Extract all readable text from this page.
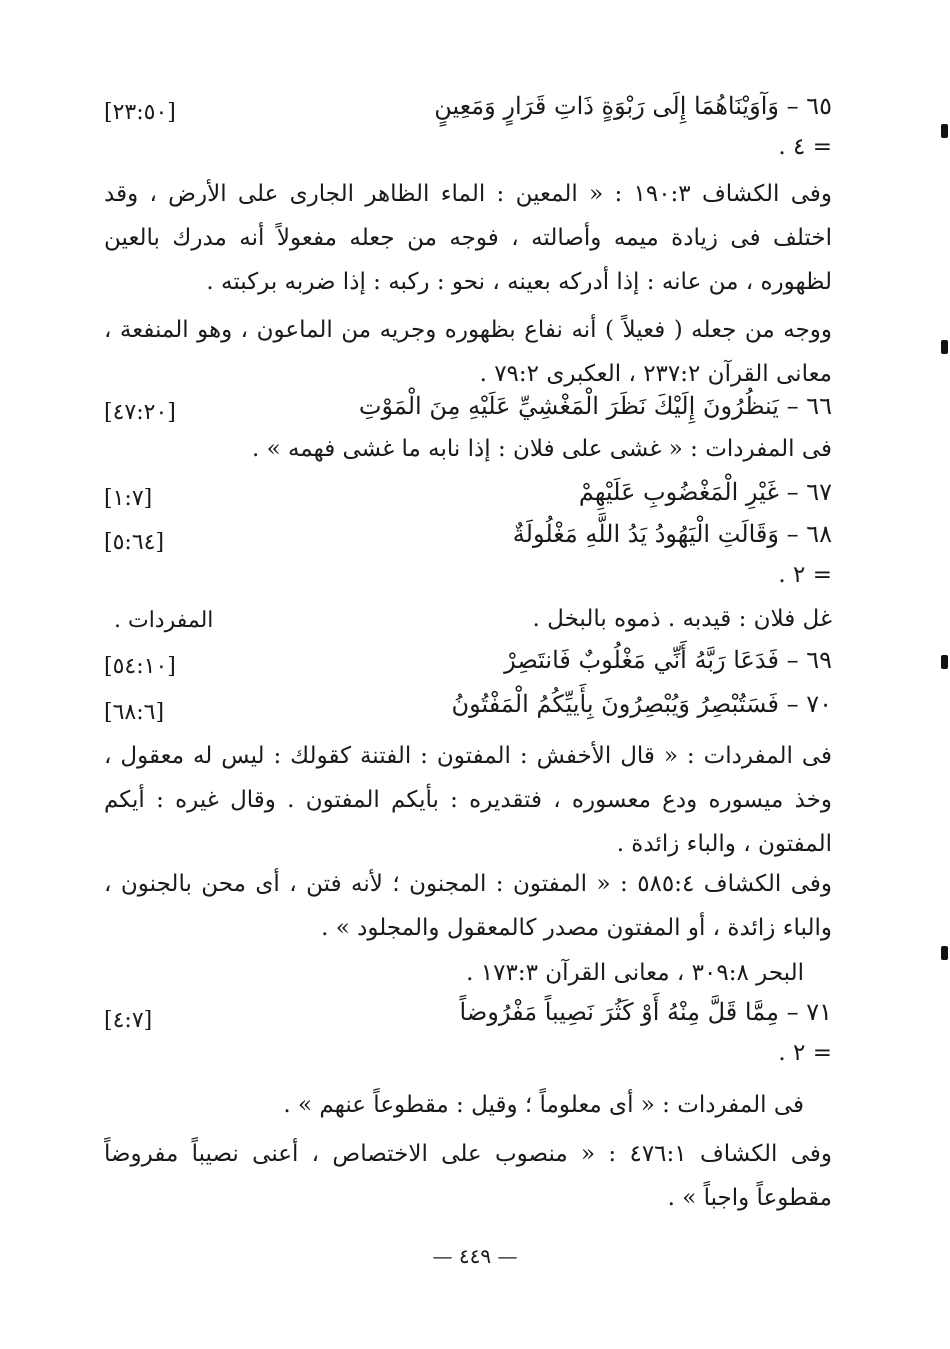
٦٥ – وَآوَيْنَاهُمَا إِلَى رَبْوَةٍ ذَاتِ قَرَارٍ وَمَعِينٍ
[٢٣:٥٠]
= ٤ .
وفى الكشاف ١٩٠:٣ : « المعين : الماء الظاهر الجارى على الأرض ، وقد اختلف فى زيادة ميمه وأصالته ، فوجه من جعله مفعولاً أنه مدرك بالعين لظهوره ، من عانه : إذا أدركه بعينه ، نحو : ركبه : إذا ضربه بركبته .
ووجه من جعله ( فعيلاً ) أنه نفاع بظهوره وجريه من الماعون ، وهو المنفعة ، معانى القرآن ٢٣٧:٢ ، العكبرى ٧٩:٢ .
٦٦ – يَنظُرُونَ إِلَيْكَ نَظَرَ الْمَغْشِيِّ عَلَيْهِ مِنَ الْمَوْتِ
[٤٧:٢٠]
فى المفردات : « غشى على فلان : إذا نابه ما غشى فهمه » .
٦٧ – غَيْرِ الْمَغْضُوبِ عَلَيْهِمْ
[١:٧]
٦٨ – وَقَالَتِ الْيَهُودُ يَدُ اللَّهِ مَغْلُولَةٌ
[٥:٦٤]
= ٢ .
غل فلان : قيدبه . ذموه بالبخل .
المفردات .
٦٩ – فَدَعَا رَبَّهُ أَنِّي مَغْلُوبٌ فَانتَصِرْ
[٥٤:١٠]
٧٠ – فَسَتُبْصِرُ وَيُبْصِرُونَ بِأَييِّكُمُ الْمَفْتُونُ
[٦٨:٦]
فى المفردات : « قال الأخفش : المفتون : الفتنة كقولك : ليس له معقول ، وخذ ميسوره ودع معسوره ، فتقديره : بأيكم المفتون . وقال غيره : أيكم المفتون ، والباء زائدة .
وفى الكشاف ٥٨٥:٤ : « المفتون : المجنون ؛ لأنه فتن ، أى محن بالجنون ، والباء زائدة ، أو المفتون مصدر كالمعقول والمجلود » .
البحر ٣٠٩:٨ ، معانى القرآن ١٧٣:٣ .
٧١ – مِمَّا قَلَّ مِنْهُ أَوْ كَثُرَ نَصِيباً مَفْرُوضاً
[٤:٧]
= ٢ .
فى المفردات : « أى معلوماً ؛ وقيل : مقطوعاً عنهم » .
وفى الكشاف ٤٧٦:١ : « منصوب على الاختصاص ، أعنى نصيباً مفروضاً مقطوعاً واجباً » .
— ٤٤٩ —
